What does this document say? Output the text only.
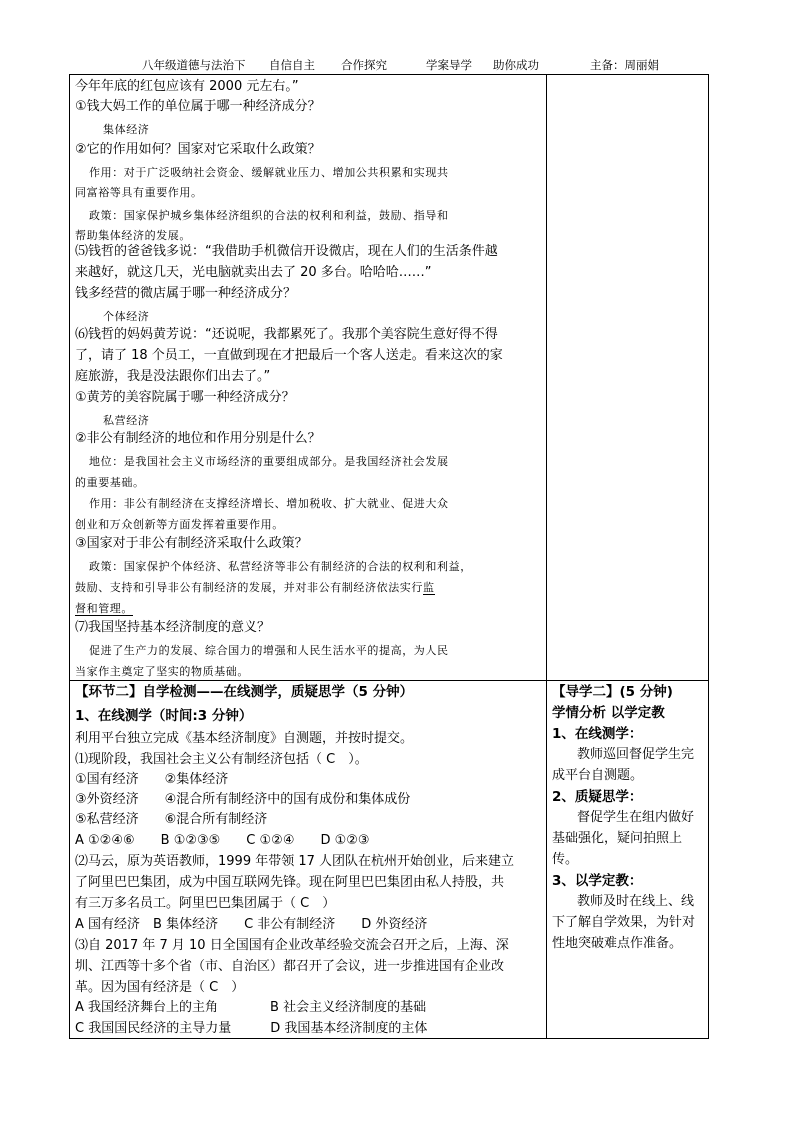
八年级道德与法治下 自信自主 合作探究	学案导学 助你成功	主备：周丽娟
今年年底的红包应该有 2000 元左右。”
①钱大妈工作的单位属于哪一种经济成分？
集体经济
②它的作用如何？国家对它采取什么政策？
作用：对于广泛吸纳社会资金、缓解就业压力、增加公共积累和实现共
同富裕等具有重要作用。
政策：国家保护城乡集体经济组织的合法的权利和利益，鼓励、指导和
帮助集体经济的发展。
⑸钱哲的爸爸钱多说：“我借助手机微信开设微店，现在人们的生活条件越
来越好，就这几天，光电脑就卖出去了 20 多台。哈哈哈……”
钱多经营的微店属于哪一种经济成分？
个体经济
⑹钱哲的妈妈黄芳说：“还说呢，我都累死了。我那个美容院生意好得不得
了，请了 18 个员工，一直做到现在才把最后一个客人送走。看来这次的家
庭旅游，我是没法跟你们出去了。”
①黄芳的美容院属于哪一种经济成分？
私营经济
②非公有制经济的地位和作用分别是什么？
地位：是我国社会主义市场经济的重要组成部分。是我国经济社会发展
的重要基础。
作用：非公有制经济在支撑经济增长、增加税收、扩大就业、促进大众
创业和万众创新等方面发挥着重要作用。
③国家对于非公有制经济采取什么政策？
政策：国家保护个体经济、私营经济等非公有制经济的合法的权利和利益，
鼓励、支持和引导非公有制经济的发展，并对非公有制经济依法实行监
督和管理。
⑺我国坚持基本经济制度的意义？
促进了生产力的发展、综合国力的增强和人民生活水平的提高，为人民
当家作主奠定了坚实的物质基础。
【环节二】自学检测——在线测学，质疑思学（5 分钟）
1、在线测学（时间:3 分钟）
利用平台独立完成《基本经济制度》自测题，并按时提交。
⑴现阶段，我国社会主义公有制经济包括（ C　）。
①国有经济　　②集体经济
③外资经济　　④混合所有制经济中的国有成份和集体成份
⑤私营经济　　⑥混合所有制经济
A ①②④⑥　　B ①②③⑤　　C ①②④　　D ①②③
⑵马云，原为英语教师，1999 年带领 17 人团队在杭州开始创业，后来建立
了阿里巴巴集团，成为中国互联网先锋。现在阿里巴巴集团由私人持股，共
有三万多名员工。阿里巴巴集团属于（ C　）
A 国有经济　B 集体经济　　C 非公有制经济　　D 外资经济
⑶自 2017 年 7 月 10 日全国国有企业改革经验交流会召开之后，上海、深
圳、江西等十多个省（市、自治区）都召开了会议，进一步推进国有企业改
革。因为国有经济是（ C　）
A 我国经济舞台上的主角　　　　B 社会主义经济制度的基础
C 我国国民经济的主导力量　　　D 我国基本经济制度的主体
【导学二】(5 分钟)
学情分析 以学定教
1、在线测学：
教师巡回督促学生完
成平台自测题。
2、质疑思学：
督促学生在组内做好
基础强化，疑问拍照上
传。
3、以学定教：
教师及时在线上、线
下了解自学效果，为针对
性地突破难点作准备。
